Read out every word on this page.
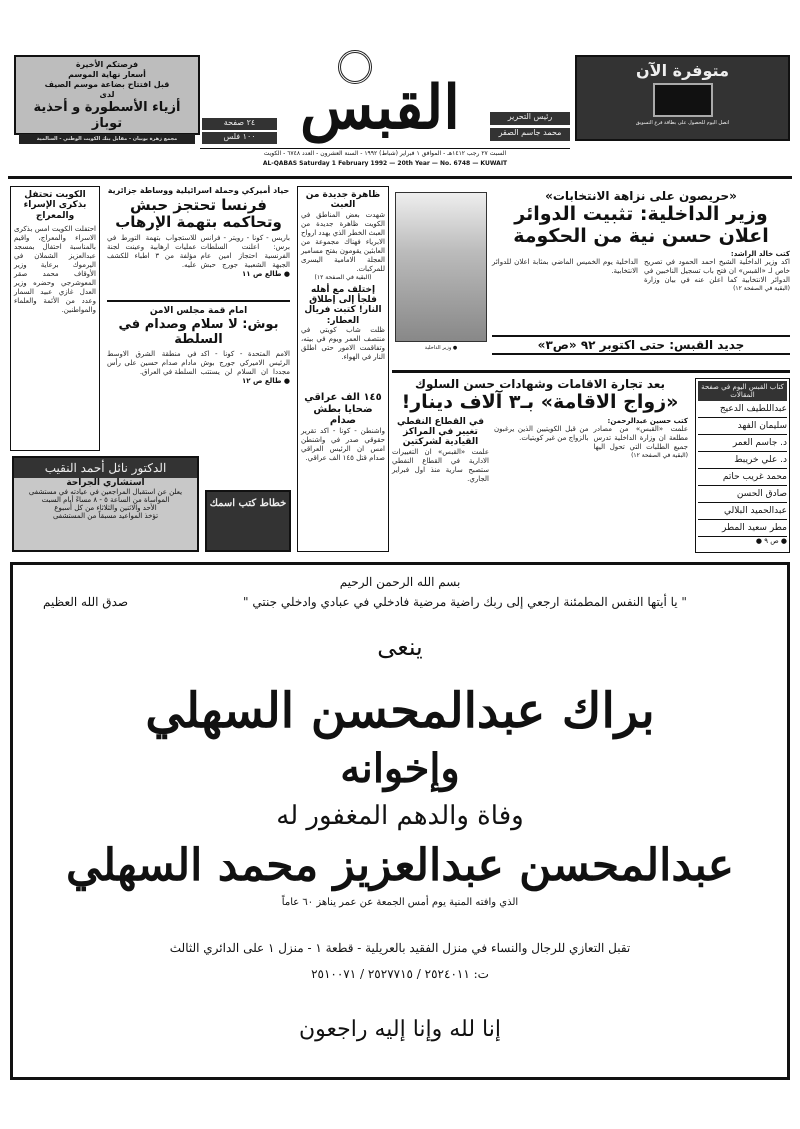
فرصتكم الأخيرة
أسعار نهاية الموسم
قبل افتتاح بضاعة موسم الصيف
لدى
أزياء الأسطورة و أحذية توباز
مجمع زهرة بوبيان - مقابل بنك الكويت الوطني - السالمية
٢٤ صفحة
١٠٠ فلس القبس	رئيس التحرير
محمد جاسم الصقر
السبت ٢٧ رجب ١٤١٢هـ - الموافق ١ فبراير (شباط) ١٩٩٢ - السنة العشرون - العدد ٦٧٤٨ - الكويت
AL-QABAS Saturday 1 February 1992 — 20th Year — No. 6748 — KUWAIT
متوفرة الآن
اتصل اليوم للحصول على بطاقة فرع التسويق
الكويت تحتفل بذكرى الإسراء والمعراج
احتفلت الكويت امس بذكرى الاسراء والمعراج، واقيم بالمناسبة احتفال بمسجد عبدالعزيز الشملان في اليرموك برعاية وزير الأوقاف محمد صقر المعوشرجي وحضره وزير العدل غازي عبيد السمار وعدد من الأئمة والعلماء والمواطنين.
حياد أميركي وحملة اسرائيلية ووساطة جزائرية
فرنسا تحتجز حبش وتحاكمه بتهمة الإرهاب
باريس - كونا - رويتر - فرانس برس: اعلنت السلطات الفرنسية احتجاز امين عام الجبهة الشعبية جورج حبش للاستجواب بتهمة التورط في عمليات ارهابية وعينت لجنة مؤلفة من ٣ اطباء للكشف عليه.
● طالع ص ١١
امام قمة مجلس الامن
بوش: لا سلام وصدام في السلطة
الامم المتحدة - كونا - اكد الرئيس الاميركي جورج بوش مجددا ان السلام لن يستتب في منطقة الشرق الاوسط مادام صدام حسين على رأس السلطة في العراق.
● طالع ص ١٢
ظاهرة جديدة من العبث
شهدت بعض المناطق في الكويت ظاهرة جديدة من العبث الخطر الذي يهدد ارواح الابرياء فهناك مجموعة من العابثين يقومون بفتح مسامير العجلة الامامية اليسرى للمركبات.
(البقية في الصفحة ١٢)
إختلف مع أهله فلجأ إلى إطلاق النار! كتبت فريال العطار:
ظلت شاب كويتي في منتصف العمر ويوم في بيته، وتفاقمت الامور حتى اطلق النار في الهواء.
١٤٥ الف عراقي ضحايا بطش صدام
واشنطن - كونا - اكد تقرير حقوقي صدر في واشنطن امس ان الرئيس العراقي صدام قتل ١٤٥ الف عراقي.
● وزير الداخلية
«حريصون على نزاهة الانتخابات»
وزير الداخلية: تثبيت الدوائر
اعلان حسن نية من الحكومة
كتب خالد الراشد:
اكد وزير الداخلية الشيخ احمد الحمود في تصريح خاص لـ «القبس» ان فتح باب تسجيل الناخبين في الدوائر الانتخابية كما اعلن عنه في بيان وزارة الداخلية يوم الخميس الماضي بمثابة اعلان للدوائر الانتخابية.
(البقية في الصفحة ١٢)
جديد القبس: حتى اكتوبر ٩٢ «ص٣»
بعد تجارة الاقامات وشهادات حسن السلوك
«زواج الاقامة» بـ٣ آلاف دينار!
كتب حسين عبدالرحمن:
علمت «القبس» من مصادر مطلعة ان وزارة الداخلية تدرس جميع الطلبات التي تحول اليها من قبل الكويتيين الذين يرغبون بالزواج من غير كويتيات.
(البقية في الصفحة ١٢)
في القطاع النفطي تغيير في المراكز القيادية لشركتين
علمت «القبس» ان التغييرات الادارية في القطاع النفطي ستصبح سارية منذ اول فبراير الجاري.
كتاب القبس اليوم في صفحة المقالات
عبداللطيف الدعيج
سليمان الفهد
د. جاسم العمر
د. علي خريبط
محمد غريب حاتم
صادق الحسن
عبدالحميد البلالي
مطر سعيد المطر
● ص ٩ ●
الدكتور نائل أحمد النقيب
استشاري الجراحة
يعلن عن استقبال المراجعين في عيادته في مستشفى
المواساة من الساعة ٥ - ٨ مساءً أيام السبت
الأحد والاثنين والثلاثاء من كل أسبوع
تؤخذ المواعيد مسبقاً من المستشفى
خطاط كتب اسمك
بسم الله الرحمن الرحيم
" يا أيتها النفس المطمئنة ارجعي إلى ربك راضية مرضية فادخلي في عبادي وادخلي جنتي "
صدق الله العظيم
ينعى
براك عبدالمحسن السهلي
وإخوانه
وفاة والدهم المغفور له
عبدالمحسن عبدالعزيز محمد السهلي
الذي وافته المنية يوم أمس الجمعة عن عمر يناهز ٦٠ عاماً
تقبل التعازي للرجال والنساء في منزل الفقيد بالعريلية - قطعة ١ - منزل ١ على الدائري الثالث
ت: ٢٥٢٤٠١١ / ٢٥٢٧٧١٥ / ٢٥١٠٠٧١
إنا لله وإنا إليه راجعون
